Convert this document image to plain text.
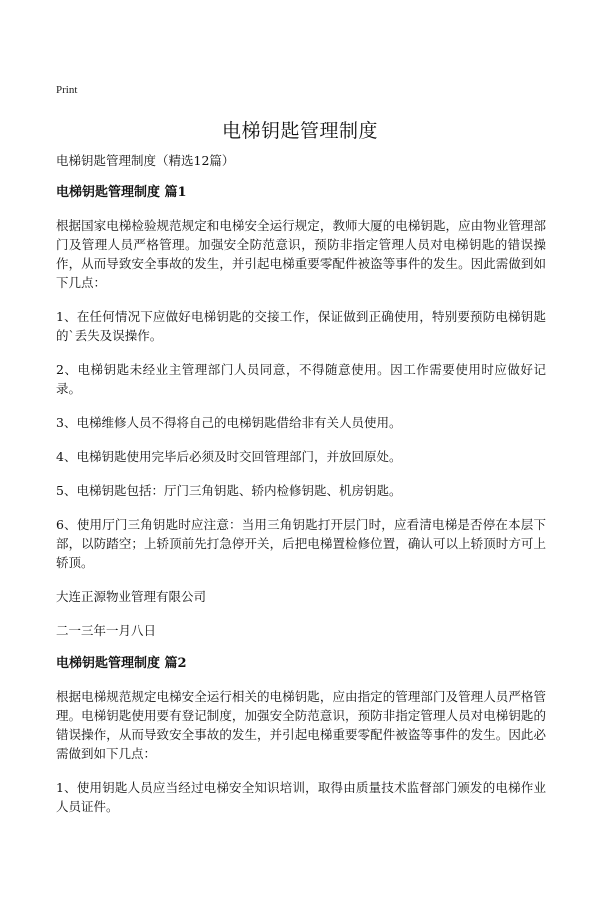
Print
电梯钥匙管理制度

电梯钥匙管理制度（精选12篇）

电梯钥匙管理制度 篇1

根据国家电梯检验规范规定和电梯安全运行规定，教师大厦的电梯钥匙，应由物业管理部门及管理人员严格管理。加强安全防范意识，预防非指定管理人员对电梯钥匙的错误操作，从而导致安全事故的发生，并引起电梯重要零配件被盗等事件的发生。因此需做到如下几点：

1、在任何情况下应做好电梯钥匙的交接工作，保证做到正确使用，特别要预防电梯钥匙的`丢失及误操作。

2、电梯钥匙未经业主管理部门人员同意，不得随意使用。因工作需要使用时应做好记录。

3、电梯维修人员不得将自己的电梯钥匙借给非有关人员使用。

4、电梯钥匙使用完毕后必须及时交回管理部门，并放回原处。

5、电梯钥匙包括：厅门三角钥匙、轿内检修钥匙、机房钥匙。

6、使用厅门三角钥匙时应注意：当用三角钥匙打开层门时，应看清电梯是否停在本层下部，以防踏空；上轿顶前先打急停开关，后把电梯置检修位置，确认可以上轿顶时方可上轿顶。

大连正源物业管理有限公司

二一三年一月八日

电梯钥匙管理制度 篇2

根据电梯规范规定电梯安全运行相关的电梯钥匙，应由指定的管理部门及管理人员严格管理。电梯钥匙使用要有登记制度，加强安全防范意识，预防非指定管理人员对电梯钥匙的错误操作，从而导致安全事故的发生，并引起电梯重要零配件被盗等事件的发生。因此必需做到如下几点：

1、使用钥匙人员应当经过电梯安全知识培训，取得由质量技术监督部门颁发的电梯作业人员证件。
